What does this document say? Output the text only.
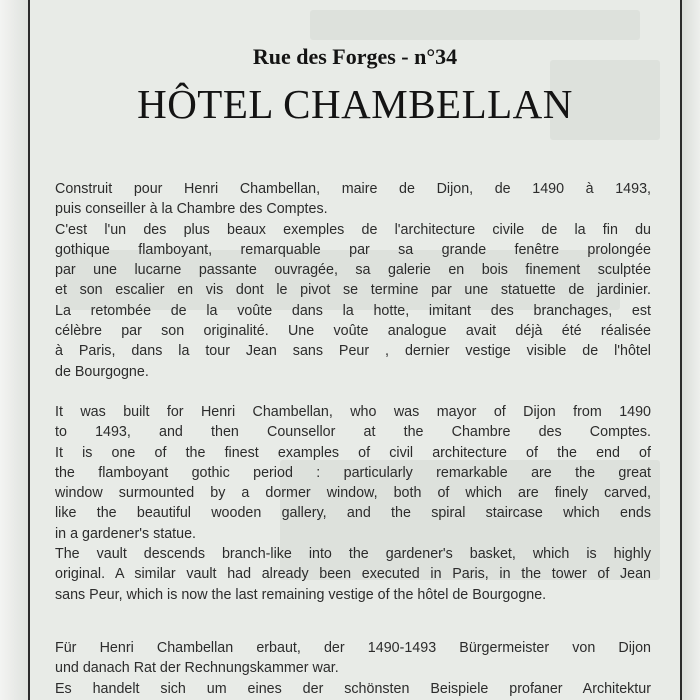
Rue des Forges - n°34
HÔTEL CHAMBELLAN
Construit pour Henri Chambellan, maire de Dijon, de 1490 à 1493,
puis conseiller à la Chambre des Comptes.
C'est l'un des plus beaux exemples de l'architecture civile de la fin du
gothique flamboyant, remarquable par sa grande fenêtre prolongée
par une lucarne passante ouvragée, sa galerie en bois finement sculptée
et son escalier en vis dont le pivot se termine par une statuette de jardinier.
La retombée de la voûte dans la hotte, imitant des branchages, est
célèbre par son originalité. Une voûte analogue avait déjà été réalisée
à Paris, dans la tour Jean sans Peur , dernier vestige visible de l'hôtel
de Bourgogne.
It was built for Henri Chambellan, who was mayor of Dijon from 1490
to 1493, and then Counsellor at the Chambre des Comptes.
It is one of the finest examples of civil architecture of the end of
the flamboyant gothic period : particularly remarkable are the great
window surmounted by a dormer window, both of which are finely carved,
like the beautiful wooden gallery, and the spiral staircase which ends
in a gardener's statue.
The vault descends branch-like into the gardener's basket, which is highly
original. A similar vault had already been executed in Paris, in the tower of Jean
sans Peur, which is now the last remaining vestige of the hôtel de Bourgogne.
Für Henri Chambellan erbaut, der 1490-1493 Bürgermeister von Dijon
und danach Rat der Rechnungskammer war.
Es handelt sich um eines der schönsten Beispiele profaner Architektur
